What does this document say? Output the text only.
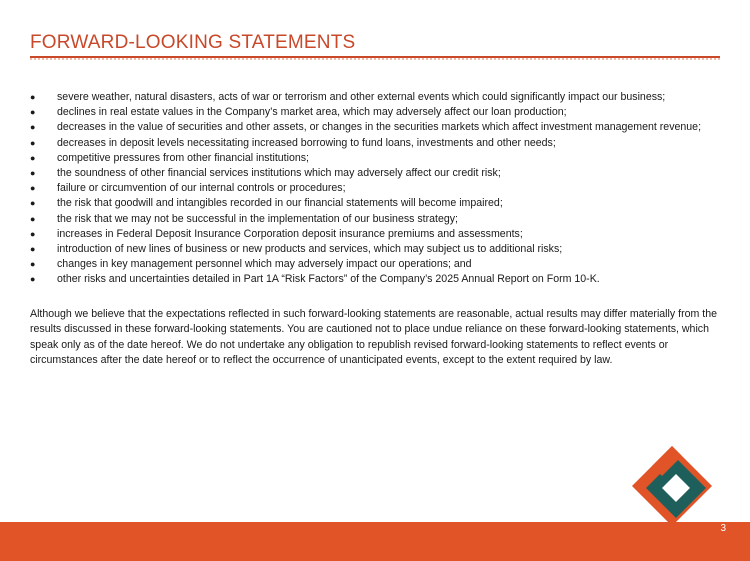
FORWARD-LOOKING STATEMENTS
● severe weather, natural disasters, acts of war or terrorism and other external events which could significantly impact our business;
● declines in real estate values in the Company’s market area, which may adversely affect our loan production;
● decreases in the value of securities and other assets, or changes in the securities markets which affect investment management revenue;
● decreases in deposit levels necessitating increased borrowing to fund loans, investments and other needs;
● competitive pressures from other financial institutions;
● the soundness of other financial services institutions which may adversely affect our credit risk;
● failure or circumvention of our internal controls or procedures;
● the risk that goodwill and intangibles recorded in our financial statements will become impaired;
● the risk that we may not be successful in the implementation of our business strategy;
● increases in Federal Deposit Insurance Corporation deposit insurance premiums and assessments;
● introduction of new lines of business or new products and services, which may subject us to additional risks;
● changes in key management personnel which may adversely impact our operations; and
● other risks and uncertainties detailed in Part 1A “Risk Factors” of the Company’s 2025 Annual Report on Form 10-K.

Although we believe that the expectations reflected in such forward-looking statements are reasonable, actual results may differ materially from the results discussed in these forward-looking statements. You are cautioned not to place undue reliance on these forward-looking statements, which speak only as of the date hereof. We do not undertake any obligation to republish revised forward-looking statements to reflect events or circumstances after the date hereof or to reflect the occurrence of unanticipated events, except to the extent required by law.

3
